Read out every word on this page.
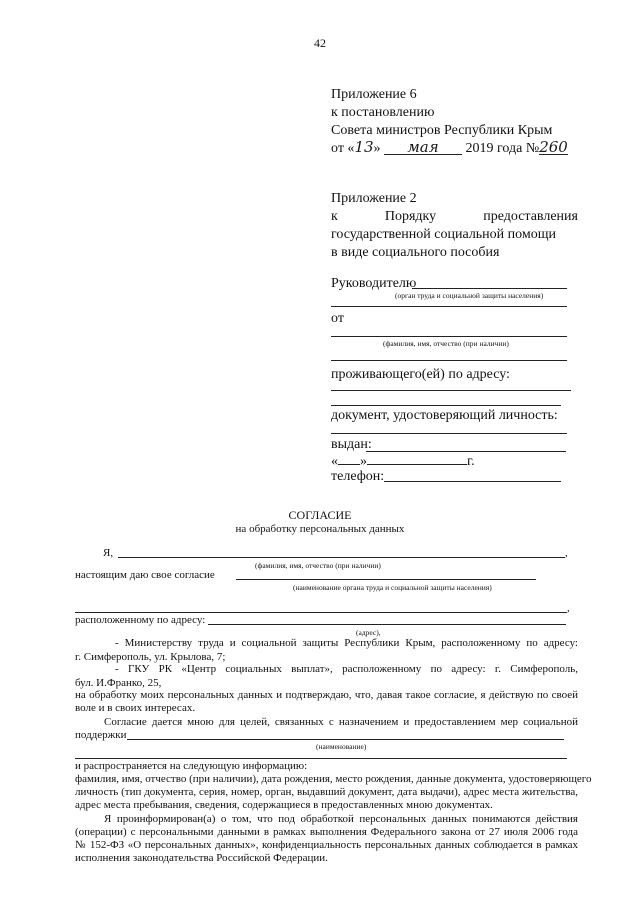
42
Приложение 6
к постановлению
Совета министров Республики Крым
от «13» мая 2019 года №260
Приложение 2
к	Порядку	предоставления
государственной социальной помощи
в виде социального пособия
Руководителю
(орган труда и социальной защиты населения)
от
(фамилия, имя, отчество (при наличии)
проживающего(ей) по адресу:
документ, удостоверяющий личность:
выдан:
« »	г.
телефон:
СОГЛАСИЕ
на обработку персональных данных
Я,	,
(фамилия, имя, отчество (при наличии)
настоящим даю свое согласие
(наименование органа труда и социальной защиты населения)
,
расположенному по адресу:
(адрес),
- Министерству труда и социальной защиты Республики Крым, расположенному по адресу:
г. Симферополь, ул. Крылова, 7;
- ГКУ РК «Центр социальных выплат», расположенному по адресу: г. Симферополь,
бул. И.Франко, 25,
на обработку моих персональных данных и подтверждаю, что, давая такое согласие, я действую по своей
воле и в своих интересах.
Согласие дается мною для целей, связанных с назначением и предоставлением мер социальной
поддержки
(наименование)
и распространяется на следующую информацию:
фамилия, имя, отчество (при наличии), дата рождения, место рождения, данные документа, удостоверяющего
личность (тип документа, серия, номер, орган, выдавший документ, дата выдачи), адрес места жительства,
адрес места пребывания, сведения, содержащиеся в предоставленных мною документах.
Я проинформирован(а) о том, что под обработкой персональных данных понимаются действия
(операции) с персональными данными в рамках выполнения Федерального закона от 27 июля 2006 года
№ 152-ФЗ «О персональных данных», конфиденциальность персональных данных соблюдается в рамках
исполнения законодательства Российской Федерации.
